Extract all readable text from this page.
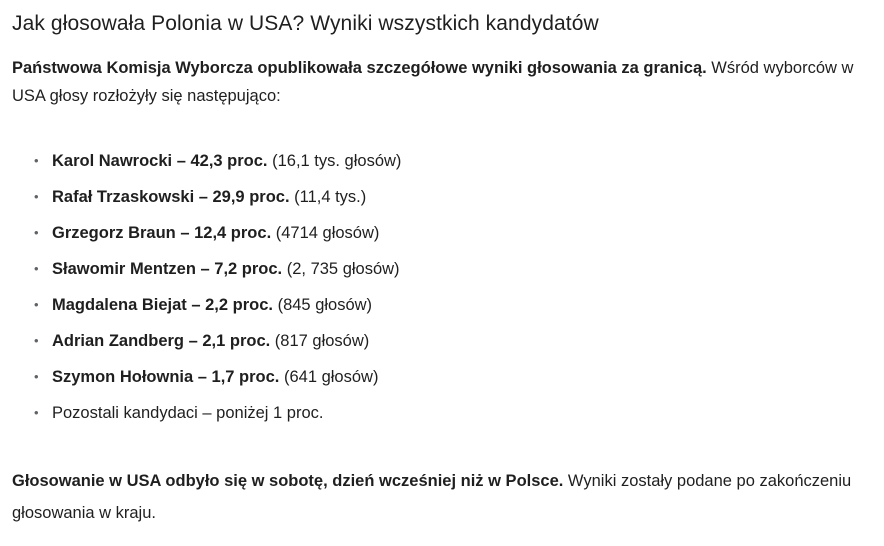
Jak głosowała Polonia w USA? Wyniki wszystkich kandydatów

Państwowa Komisja Wyborcza opublikowała szczegółowe wyniki głosowania za granicą. Wśród wyborców w USA głosy rozłożyły się następująco:

• Karol Nawrocki – 42,3 proc. (16,1 tys. głosów)
• Rafał Trzaskowski – 29,9 proc. (11,4 tys.)
• Grzegorz Braun – 12,4 proc. (4714 głosów)
• Sławomir Mentzen – 7,2 proc. (2, 735 głosów)
• Magdalena Biejat – 2,2 proc. (845 głosów)
• Adrian Zandberg – 2,1 proc. (817 głosów)
• Szymon Hołownia – 1,7 proc. (641 głosów)
• Pozostali kandydaci – poniżej 1 proc.

Głosowanie w USA odbyło się w sobotę, dzień wcześniej niż w Polsce. Wyniki zostały podane po zakończeniu głosowania w kraju.
